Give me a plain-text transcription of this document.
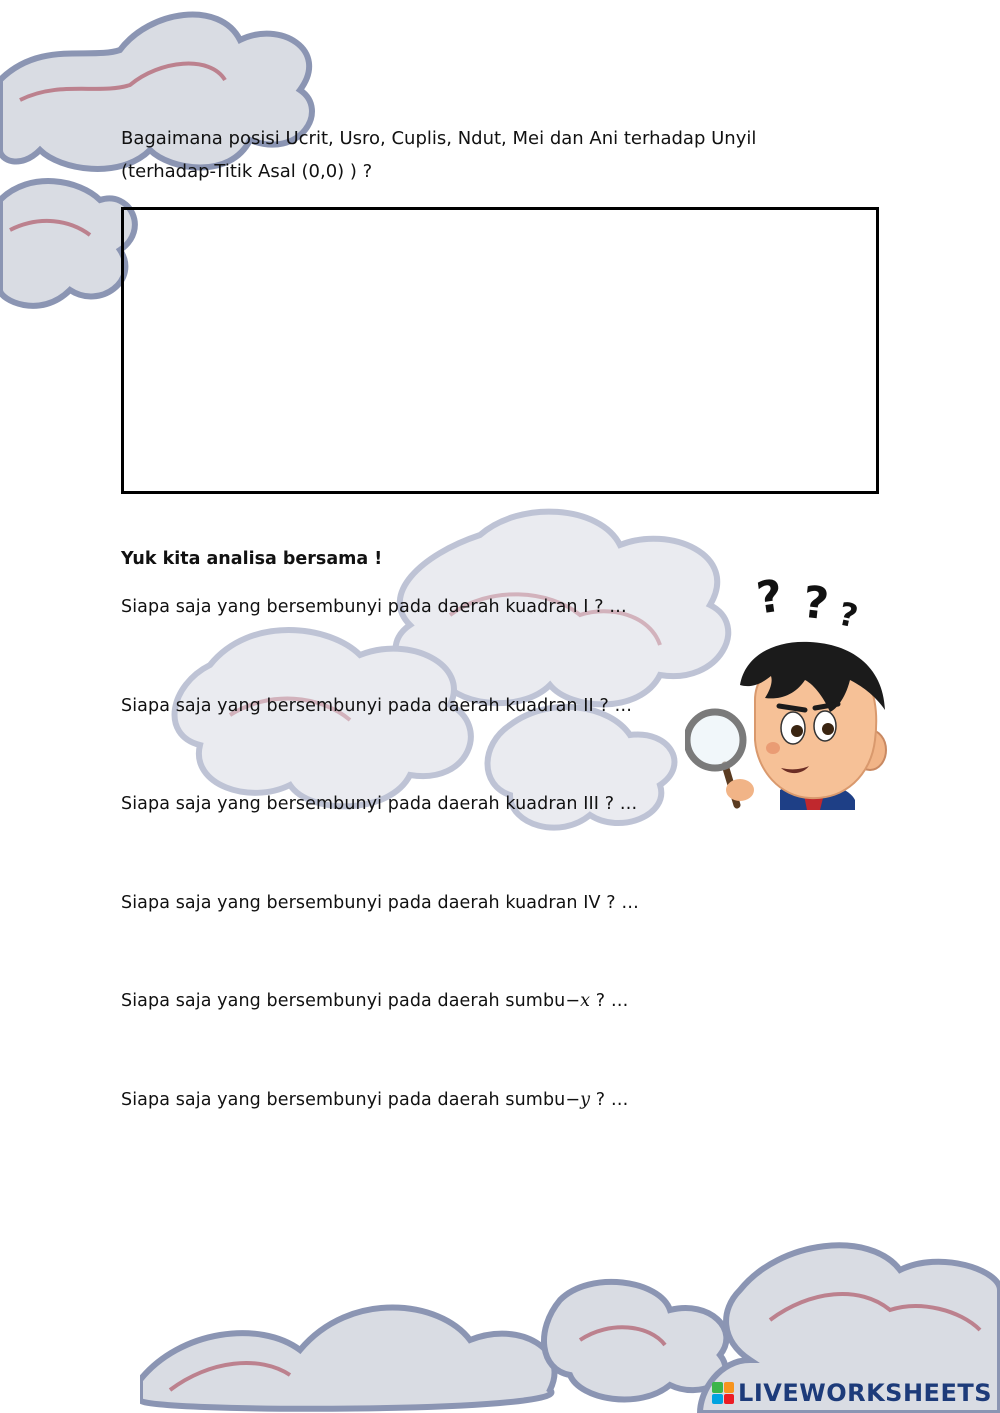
Bagaimana posisi Ucrit, Usro, Cuplis, Ndut, Mei dan Ani terhadap Unyil
(terhadap-Titik Asal (0,0) ) ?
Yuk kita analisa bersama !
Siapa saja yang bersembunyi pada daerah kuadran I ? …
Siapa saja yang bersembunyi pada daerah kuadran II ? …
Siapa saja yang bersembunyi pada daerah kuadran III ? …
Siapa saja yang bersembunyi pada daerah kuadran IV ? …
Siapa saja yang bersembunyi pada daerah sumbu−x ? …
Siapa saja yang bersembunyi pada daerah sumbu−y ? …
? ? ?
LIVEWORKSHEETS
